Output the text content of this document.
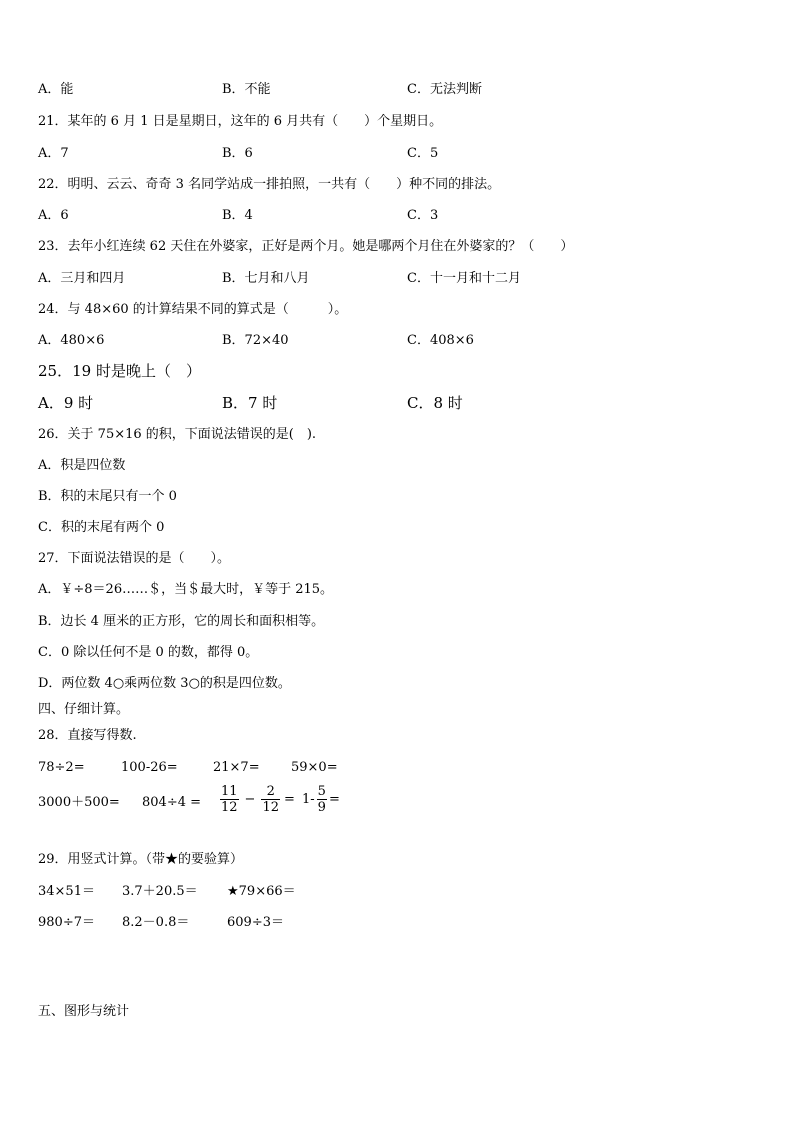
A．能	B．不能	C．无法判断
21．某年的 6 月 1 日是星期日，这年的 6 月共有（　　）个星期日。
A．7	B．6	C．5
22．明明、云云、奇奇 3 名同学站成一排拍照，一共有（　　）种不同的排法。
A．6	B．4	C．3
23．去年小红连续 62 天住在外婆家，正好是两个月。她是哪两个月住在外婆家的？（　　）
A．三月和四月	B．七月和八月	C．十一月和十二月
24．与 48×60 的计算结果不同的算式是（　　　）。
A．480×6	B．72×40	C．408×6
25．19 时是晚上（　）
A．9 时	B．7 时	C．8 时
26．关于 75×16 的积，下面说法错误的是(　).
A．积是四位数
B．积的末尾只有一个 0
C．积的末尾有两个 0
27．下面说法错误的是（　　）。
A．￥÷8＝26……＄，当＄最大时，￥等于 215。
B．边长 4 厘米的正方形，它的周长和面积相等。
C．0 除以任何不是 0 的数，都得 0。
D．两位数 4○乘两位数 3○的积是四位数。
四、仔细计算。
28．直接写得数.
78÷2=	100-26=	21×7= 59×0=
$3000+500= 804\div 4 = \frac{11}{12} - \frac{2}{12} = 1- \frac{5}{9}$ =
29．用竖式计算。（带★的要验算）
34×51＝ 3.7＋20.5＝ ★79×66＝
980÷7＝ 8.2－0.8＝	609÷3＝
五、图形与统计
